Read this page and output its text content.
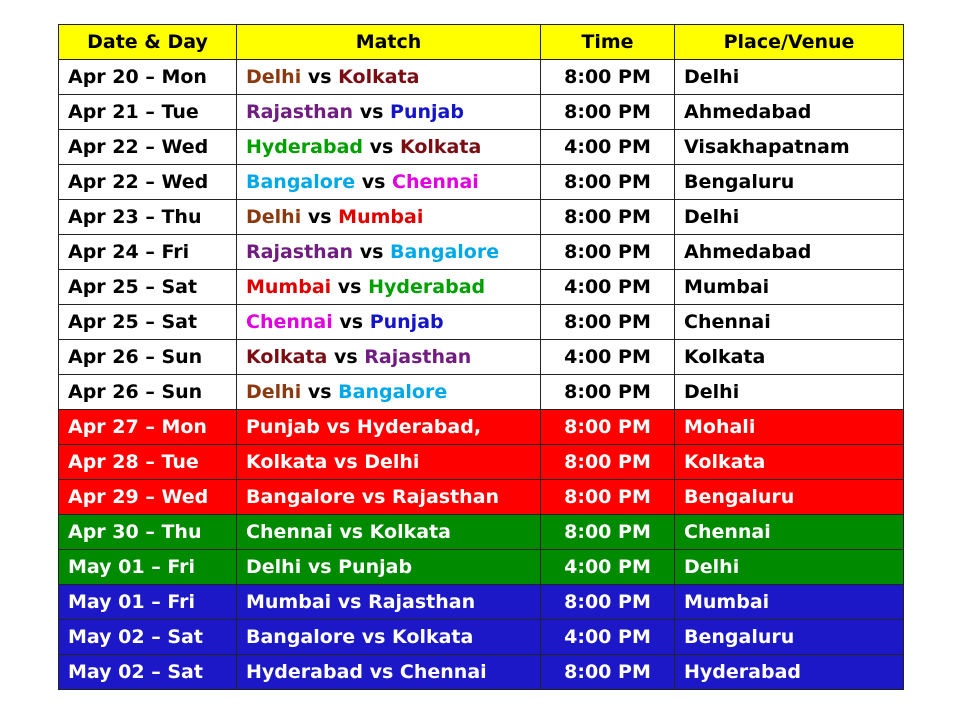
Date & Day	Match	Time	Place/Venue
Apr 20 – Mon	Delhi vs Kolkata	8:00 PM	Delhi
Apr 21 – Tue	Rajasthan vs Punjab	8:00 PM	Ahmedabad
Apr 22 – Wed	Hyderabad vs Kolkata	4:00 PM	Visakhapatnam
Apr 22 – Wed	Bangalore vs Chennai	8:00 PM	Bengaluru
Apr 23 – Thu	Delhi vs Mumbai	8:00 PM	Delhi
Apr 24 – Fri	Rajasthan vs Bangalore	8:00 PM	Ahmedabad
Apr 25 – Sat	Mumbai vs Hyderabad	4:00 PM	Mumbai
Apr 25 – Sat	Chennai vs Punjab	8:00 PM	Chennai
Apr 26 – Sun	Kolkata vs Rajasthan	4:00 PM	Kolkata
Apr 26 – Sun	Delhi vs Bangalore	8:00 PM	Delhi
Apr 27 – Mon	Punjab vs Hyderabad,	8:00 PM	Mohali
Apr 28 – Tue	Kolkata vs Delhi	8:00 PM	Kolkata
Apr 29 – Wed	Bangalore vs Rajasthan	8:00 PM	Bengaluru
Apr 30 – Thu	Chennai vs Kolkata	8:00 PM	Chennai
May 01 – Fri	Delhi vs Punjab	4:00 PM	Delhi
May 01 – Fri	Mumbai vs Rajasthan	8:00 PM	Mumbai
May 02 – Sat	Bangalore vs Kolkata	4:00 PM	Bengaluru
May 02 – Sat	Hyderabad vs Chennai	8:00 PM	Hyderabad
